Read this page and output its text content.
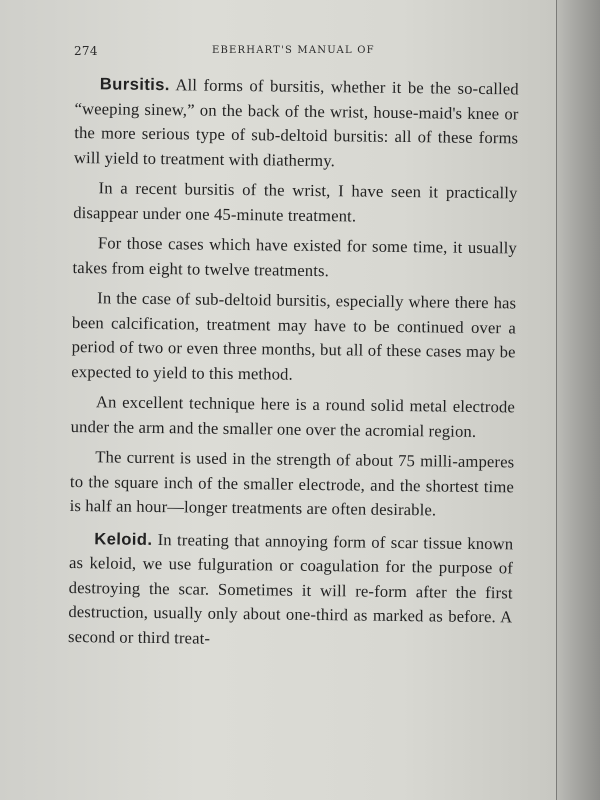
274	EBERHART'S MANUAL OF

Bursitis. All forms of bursitis, whether it be the so-called “weeping sinew,” on the back of the wrist, house-maid's knee or the more serious type of sub-deltoid bursitis: all of these forms will yield to treatment with diathermy.

In a recent bursitis of the wrist, I have seen it practically disappear under one 45-minute treatment.

For those cases which have existed for some time, it usually takes from eight to twelve treatments.

In the case of sub-deltoid bursitis, especially where there has been calcification, treatment may have to be continued over a period of two or even three months, but all of these cases may be expected to yield to this method.

An excellent technique here is a round solid metal electrode under the arm and the smaller one over the acromial region.

The current is used in the strength of about 75 milli-amperes to the square inch of the smaller electrode, and the shortest time is half an hour—longer treatments are often desirable.

Keloid. In treating that annoying form of scar tissue known as keloid, we use fulguration or coagulation for the purpose of destroying the scar. Sometimes it will re-form after the first destruction, usually only about one-third as marked as before. A second or third treat-
